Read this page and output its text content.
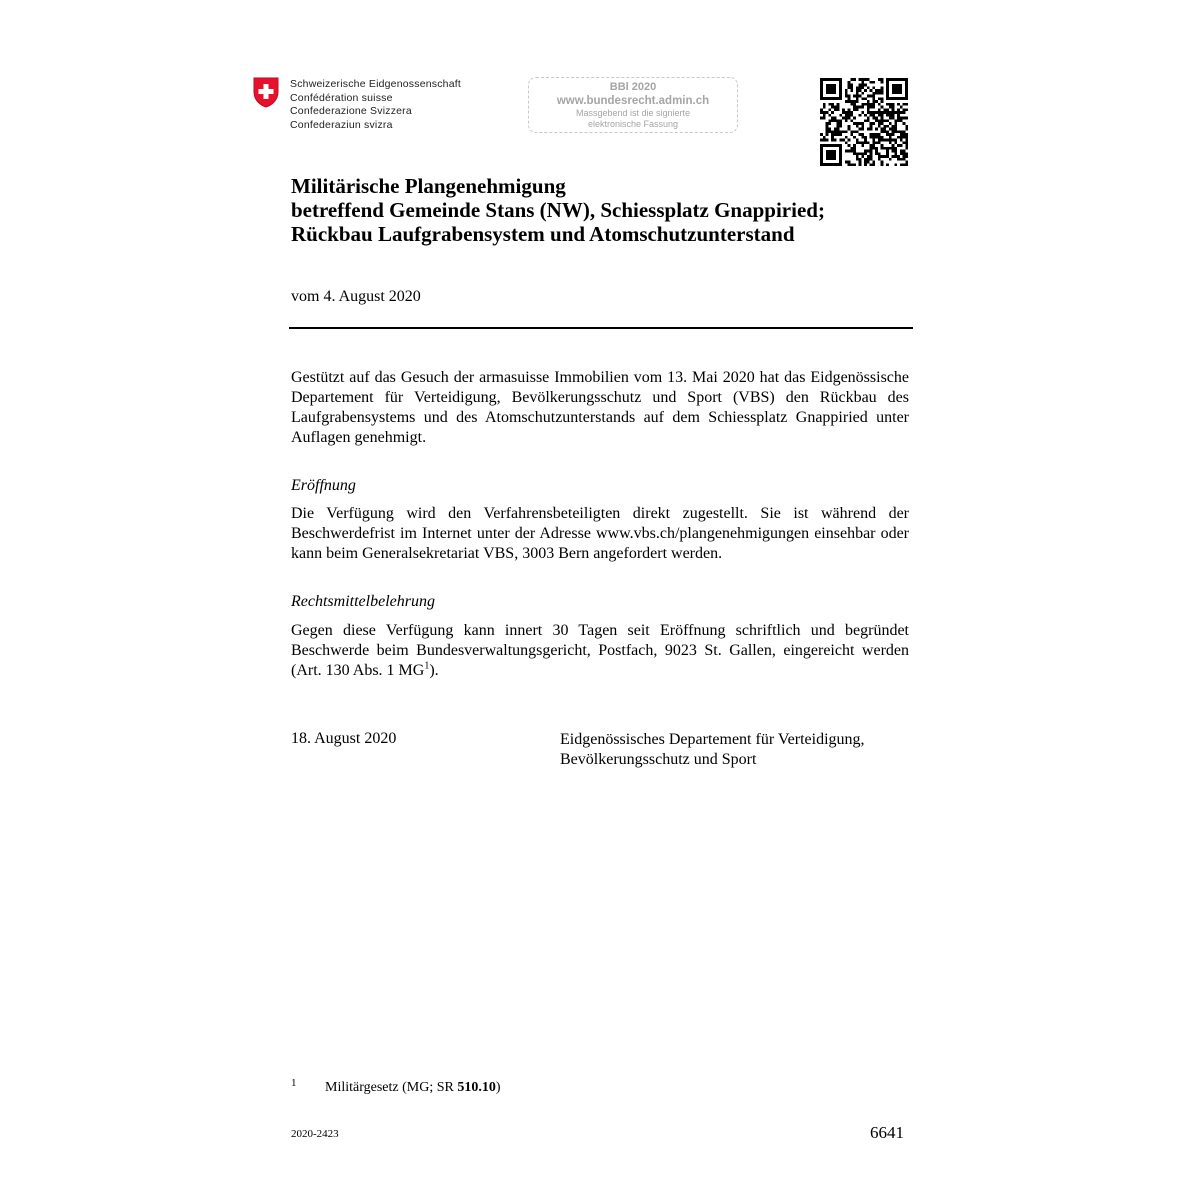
Schweizerische Eidgenossenschaft
Confédération suisse
Confederazione Svizzera
Confederaziun svizra
BBl 2020
www.bundesrecht.admin.ch
Massgebend ist die signierte
elektronische Fassung
Militärische Plangenehmigung
betreffend Gemeinde Stans (NW), Schiessplatz Gnappiried;
Rückbau Laufgrabensystem und Atomschutzunterstand
vom 4. August 2020
Gestützt auf das Gesuch der armasuisse Immobilien vom 13. Mai 2020 hat das Eidgenössische Departement für Verteidigung, Bevölkerungsschutz und Sport (VBS) den Rückbau des Laufgrabensystems und des Atomschutzunterstands auf dem Schiessplatz Gnappiried unter Auflagen genehmigt.
Eröffnung
Die Verfügung wird den Verfahrensbeteiligten direkt zugestellt. Sie ist während der Beschwerdefrist im Internet unter der Adresse www.vbs.ch/plangenehmigungen einsehbar oder kann beim Generalsekretariat VBS, 3003 Bern angefordert werden.
Rechtsmittelbelehrung
Gegen diese Verfügung kann innert 30 Tagen seit Eröffnung schriftlich und begründet Beschwerde beim Bundesverwaltungsgericht, Postfach, 9023 St. Gallen, eingereicht werden (Art. 130 Abs. 1 $MG^1$).
18. August 2020	Eidgenössisches Departement für Verteidigung,
Bevölkerungsschutz und Sport
1 Militärgesetz (MG; SR 510.10)
2020-2423	6641
